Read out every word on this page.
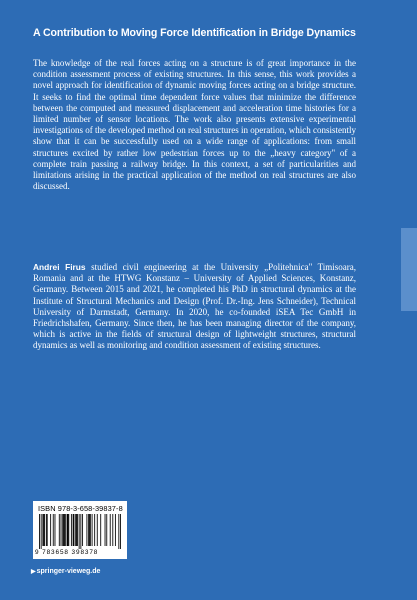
A Contribution to Moving Force Identification in Bridge Dynamics

The knowledge of the real forces acting on a structure is of great importance in the condition assessment process of existing structures. In this sense, this work provides a novel approach for identification of dynamic moving forces acting on a bridge structure. It seeks to find the optimal time dependent force values that minimize the difference between the computed and measured displacement and acceleration time histories for a limited number of sensor locations. The work also presents extensive experimental investigations of the developed method on real structures in operation, which consistently show that it can be successfully used on a wide range of applications: from small structures excited by rather low pedestrian forces up to the „heavy category" of a complete train passing a railway bridge. In this context, a set of particularities and limitations arising in the practical application of the method on real structures are also discussed.

Andrei Firus studied civil engineering at the University „Politehnica" Timisoara, Romania and at the HTWG Konstanz – University of Applied Sciences, Konstanz, Germany. Between 2015 and 2021, he completed his PhD in structural dynamics at the Institute of Structural Mechanics and Design (Prof. Dr.-Ing. Jens Schneider), Technical University of Darmstadt, Germany. In 2020, he co-founded iSEA Tec GmbH in Friedrichshafen, Germany. Since then, he has been managing director of the company, which is active in the fields of structural design of lightweight structures, structural dynamics as well as monitoring and condition assessment of existing structures.

ISBN 978-3-658-39837-8
9 783658 398378
▶springer-vieweg.de
